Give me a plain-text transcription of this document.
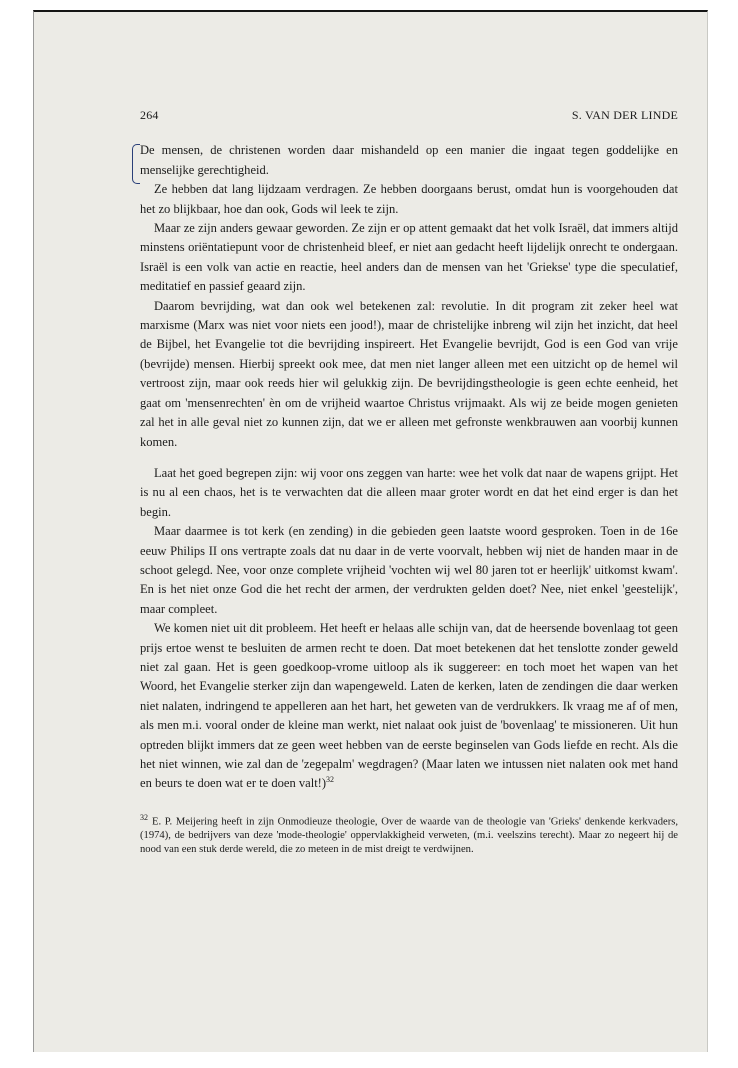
264	S. VAN DER LINDE

De mensen, de christenen worden daar mishandeld op een manier die ingaat tegen goddelijke en menselijke gerechtigheid.

Ze hebben dat lang lijdzaam verdragen. Ze hebben doorgaans berust, omdat hun is voorgehouden dat het zo blijkbaar, hoe dan ook, Gods wil leek te zijn.

Maar ze zijn anders gewaar geworden. Ze zijn er op attent gemaakt dat het volk Israël, dat immers altijd minstens oriëntatiepunt voor de christenheid bleef, er niet aan gedacht heeft lijdelijk onrecht te ondergaan. Israël is een volk van actie en reactie, heel anders dan de mensen van het 'Griekse' type die speculatief, meditatief en passief geaard zijn.

Daarom bevrijding, wat dan ook wel betekenen zal: revolutie. In dit program zit zeker heel wat marxisme (Marx was niet voor niets een jood!), maar de christelijke inbreng wil zijn het inzicht, dat heel de Bijbel, het Evangelie tot die bevrijding inspireert. Het Evangelie bevrijdt, God is een God van vrije (bevrijde) mensen. Hierbij spreekt ook mee, dat men niet langer alleen met een uitzicht op de hemel wil vertroost zijn, maar ook reeds hier wil gelukkig zijn. De bevrijdingstheologie is geen echte eenheid, het gaat om 'mensenrechten' èn om de vrijheid waartoe Christus vrijmaakt. Als wij ze beide mogen genieten zal het in alle geval niet zo kunnen zijn, dat we er alleen met gefronste wenkbrauwen aan voorbij kunnen komen.

Laat het goed begrepen zijn: wij voor ons zeggen van harte: wee het volk dat naar de wapens grijpt. Het is nu al een chaos, het is te verwachten dat die alleen maar groter wordt en dat het eind erger is dan het begin.

Maar daarmee is tot kerk (en zending) in die gebieden geen laatste woord gesproken. Toen in de 16e eeuw Philips II ons vertrapte zoals dat nu daar in de verte voorvalt, hebben wij niet de handen maar in de schoot gelegd. Nee, voor onze complete vrijheid 'vochten wij wel 80 jaren tot er heerlijk' uitkomst kwam'. En is het niet onze God die het recht der armen, der verdrukten gelden doet? Nee, niet enkel 'geestelijk', maar compleet.

We komen niet uit dit probleem. Het heeft er helaas alle schijn van, dat de heersende bovenlaag tot geen prijs ertoe wenst te besluiten de armen recht te doen. Dat moet betekenen dat het tenslotte zonder geweld niet zal gaan. Het is geen goedkoop-vrome uitloop als ik suggereer: en toch moet het wapen van het Woord, het Evangelie sterker zijn dan wapengeweld. Laten de kerken, laten de zendingen die daar werken niet nalaten, indringend te appelleren aan het hart, het geweten van de verdrukkers. Ik vraag me af of men, als men m.i. vooral onder de kleine man werkt, niet nalaat ook juist de 'bovenlaag' te missioneren. Uit hun optreden blijkt immers dat ze geen weet hebben van de eerste beginselen van Gods liefde en recht. Als die het niet winnen, wie zal dan de 'zegepalm' wegdragen? (Maar laten we intussen niet nalaten ook met hand en beurs te doen wat er te doen valt!)$^{32}$

$^{32}$ E. P. Meijering heeft in zijn Onmodieuze theologie, Over de waarde van de theologie van 'Grieks' denkende kerkvaders, (1974), de bedrijvers van deze 'mode-theologie' oppervlakkigheid verweten, (m.i. veelszins terecht). Maar zo negeert hij de nood van een stuk derde wereld, die zo meteen in de mist dreigt te verdwijnen.
